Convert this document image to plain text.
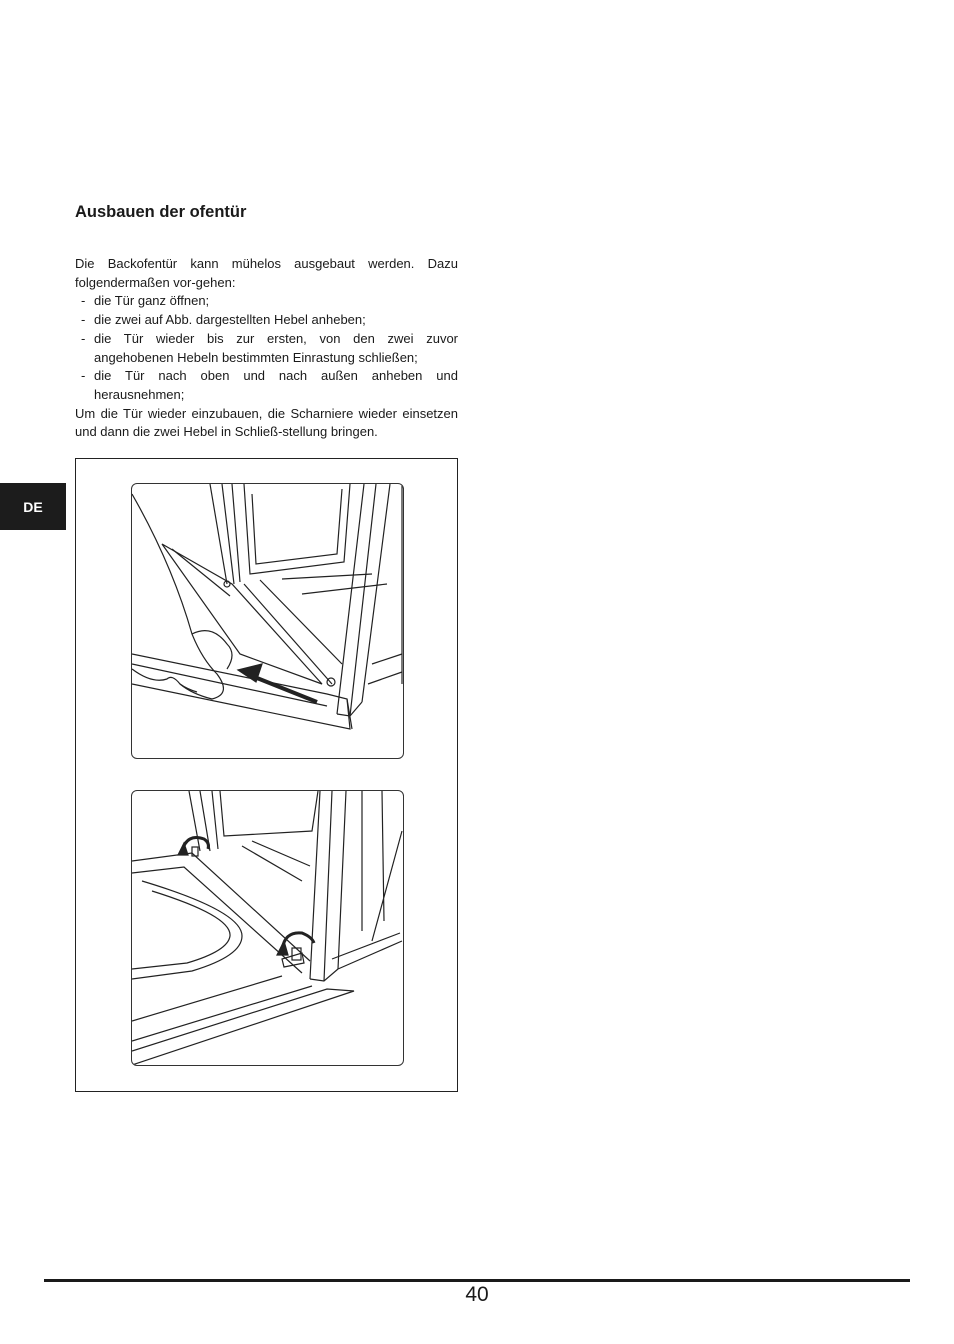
Ausbauen der ofentür

Die Backofentür kann mühelos ausgebaut werden. Dazu folgendermaßen vor-gehen:

- die Tür ganz öffnen;
- die zwei auf Abb. dargestellten Hebel anheben;
- die Tür wieder bis zur ersten, von den zwei zuvor angehobenen Hebeln bestimmten Einrastung schließen;
- die Tür nach oben und nach außen anheben und herausnehmen;

Um die Tür wieder einzubauen, die Scharniere wieder einsetzen und dann die zwei Hebel in Schließ-stellung bringen.

DE
40
